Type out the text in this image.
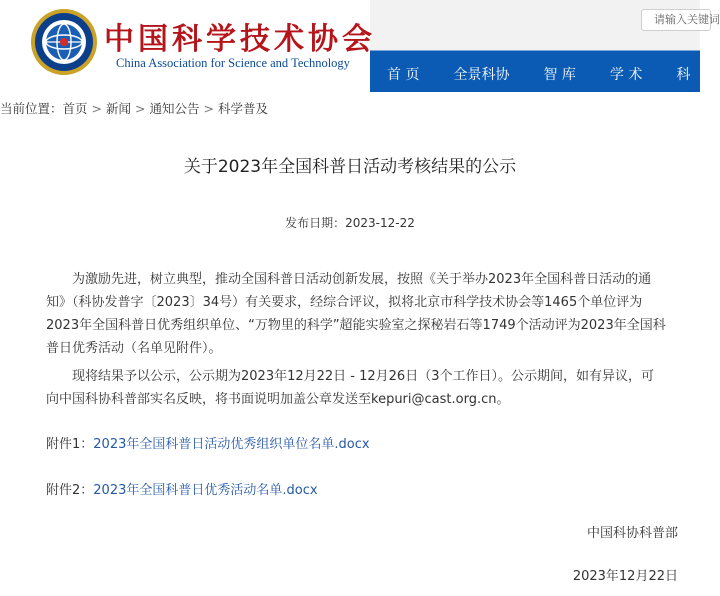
中国科学技术协会
China Association for Science and Technology
请输入关键词
首 页	全景科协	智 库	学 术	科
当前位置： 首页 > 新闻 > 通知公告 > 科学普及
关于2023年全国科普日活动考核结果的公示
发布日期：2023-12-22

为激励先进，树立典型，推动全国科普日活动创新发展，按照《关于举办2023年全国科普日活动的通知》（科协发普字〔2023〕34号）有关要求，经综合评议，拟将北京市科学技术协会等1465个单位评为2023年全国科普日优秀组织单位、“万物里的科学”超能实验室之探秘岩石等1749个活动评为2023年全国科普日优秀活动（名单见附件）。

现将结果予以公示，公示期为2023年12月22日 - 12月26日（3个工作日）。公示期间，如有异议，可向中国科协科普部实名反映，将书面说明加盖公章发送至kepuri@cast.org.cn。

附件1：2023年全国科普日活动优秀组织单位名单.docx
附件2：2023年全国科普日优秀活动名单.docx
中国科协科普部
2023年12月22日
